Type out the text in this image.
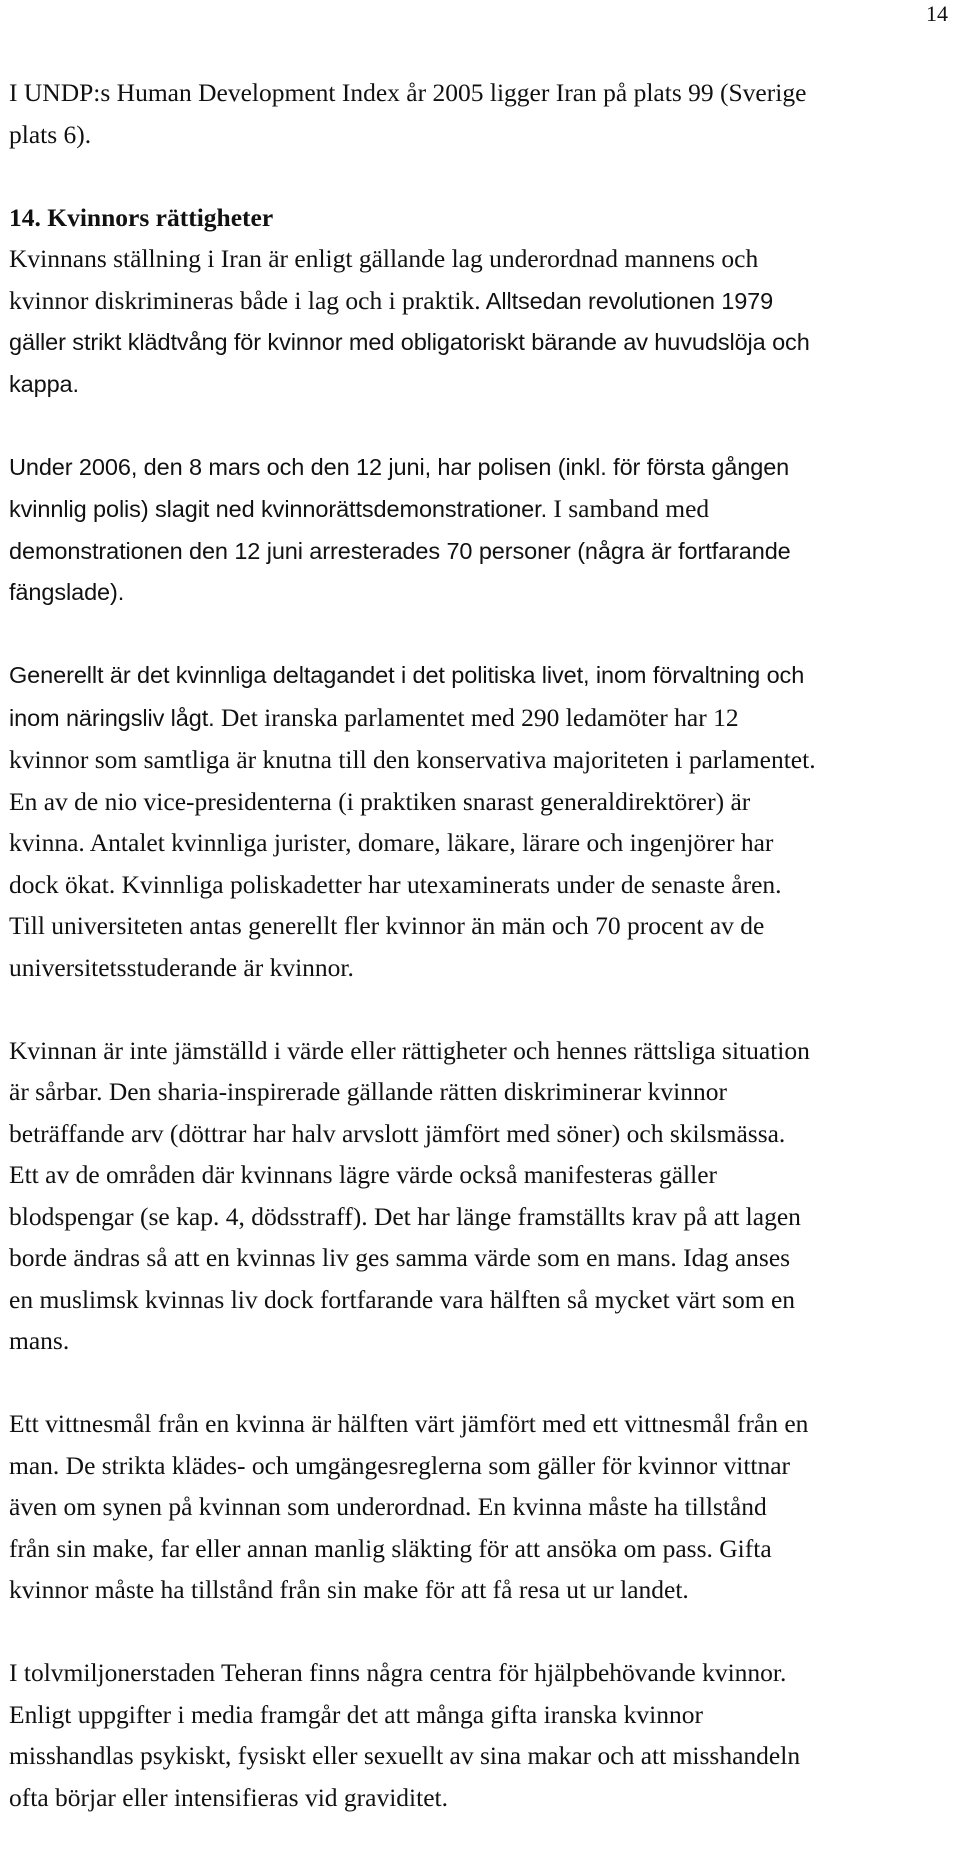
14

I UNDP:s Human Development Index år 2005 ligger Iran på plats 99 (Sverige

plats 6).

14. Kvinnors rättigheter

Kvinnans ställning i Iran är enligt gällande lag underordnad mannens och

kvinnor diskrimineras både i lag och i praktik. Alltsedan revolutionen 1979

gäller strikt klädtvång för kvinnor med obligatoriskt bärande av huvudslöja och

kappa.

Under 2006, den 8 mars och den 12 juni, har polisen (inkl. för första gången

kvinnlig polis) slagit ned kvinnorättsdemonstrationer. I samband med

demonstrationen den 12 juni arresterades 70 personer (några är fortfarande

fängslade).

Generellt är det kvinnliga deltagandet i det politiska livet, inom förvaltning och

inom näringsliv lågt. Det iranska parlamentet med 290 ledamöter har 12

kvinnor som samtliga är knutna till den konservativa majoriteten i parlamentet.

En av de nio vice-presidenterna (i praktiken snarast generaldirektörer) är

kvinna. Antalet kvinnliga jurister, domare, läkare, lärare och ingenjörer har

dock ökat. Kvinnliga poliskadetter har utexaminerats under de senaste åren.

Till universiteten antas generellt fler kvinnor än män och 70 procent av de

universitetsstuderande är kvinnor.

Kvinnan är inte jämställd i värde eller rättigheter och hennes rättsliga situation

är sårbar. Den sharia-inspirerade gällande rätten diskriminerar kvinnor

beträffande arv (döttrar har halv arvslott jämfört med söner) och skilsmässa.

Ett av de områden där kvinnans lägre värde också manifesteras gäller

blodspengar (se kap. 4, dödsstraff). Det har länge framställts krav på att lagen

borde ändras så att en kvinnas liv ges samma värde som en mans. Idag anses

en muslimsk kvinnas liv dock fortfarande vara hälften så mycket värt som en

mans.

Ett vittnesmål från en kvinna är hälften värt jämfört med ett vittnesmål från en

man. De strikta klädes- och umgängesreglerna som gäller för kvinnor vittnar

även om synen på kvinnan som underordnad. En kvinna måste ha tillstånd

från sin make, far eller annan manlig släkting för att ansöka om pass. Gifta

kvinnor måste ha tillstånd från sin make för att få resa ut ur landet.

I tolvmiljonerstaden Teheran finns några centra för hjälpbehövande kvinnor.

Enligt uppgifter i media framgår det att många gifta iranska kvinnor

misshandlas psykiskt, fysiskt eller sexuellt av sina makar och att misshandeln

ofta börjar eller intensifieras vid graviditet.
